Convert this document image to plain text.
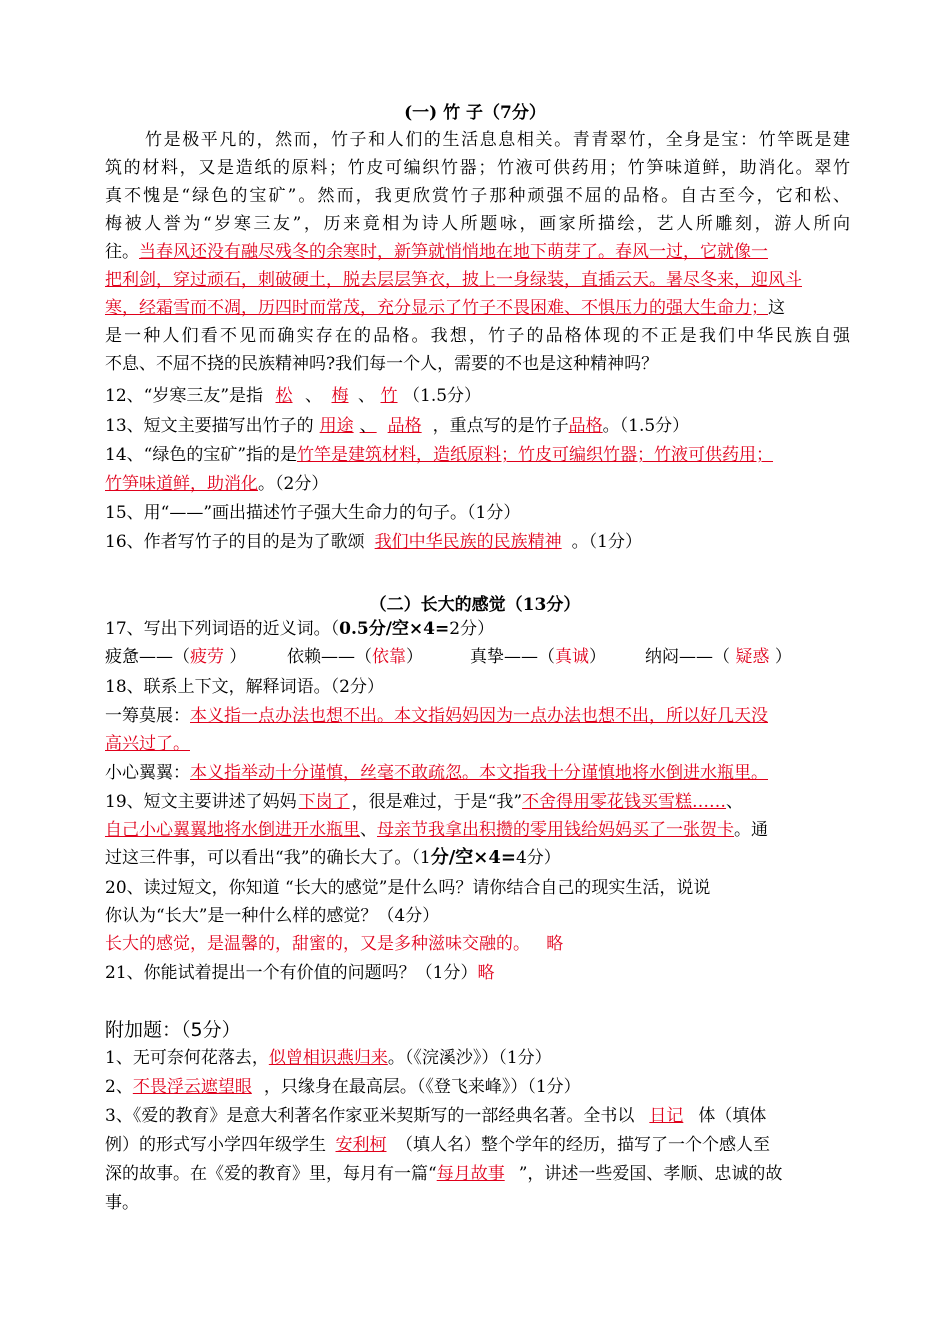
(一) 竹 子（7分）
竹是极平凡的，然而，竹子和人们的生活息息相关。青青翠竹，全身是宝：竹竿既是建
筑的材料，又是造纸的原料；竹皮可编织竹器；竹液可供药用；竹笋味道鲜，助消化。翠竹
真不愧是“绿色的宝矿”。然而，我更欣赏竹子那种顽强不屈的品格。自古至今，它和松、
梅被人誉为“岁寒三友”，历来竟相为诗人所题咏，画家所描绘，艺人所雕刻，游人所向
往。当春风还没有融尽残冬的余寒时，新笋就悄悄地在地下萌芽了。春风一过，它就像一
把利剑，穿过顽石，刺破硬土，脱去层层笋衣，披上一身绿装，直插云天。暑尽冬来，迎风斗
寒，经霜雪而不凋，历四时而常茂，充分显示了竹子不畏困难、不惧压力的强大生命力；这
是一种人们看不见而确实存在的品格。我想，竹子的品格体现的不正是我们中华民族自强
不息、不屈不挠的民族精神吗?我们每一个人，需要的不也是这种精神吗？
12、“岁寒三友”是指 松 、 梅 、 竹 （1.5分）
13、短文主要描写出竹子的 用途 、 品格 ，重点写的是竹子品格。（1.5分）
14、“绿色的宝矿”指的是竹竿是建筑材料，造纸原料；竹皮可编织竹器；竹液可供药用；
竹笋味道鲜，助消化。（2分）
15、用“——”画出描述竹子强大生命力的句子。（1分）
16、作者写竹子的目的是为了歌颂 我们中华民族的民族精神 。（1分）
（二）长大的感觉（13分）
17、写出下列词语的近义词。（0.5分/空×4=2分）
疲惫——（疲劳 ） 依赖——（依靠）	真挚——（真诚） 纳闷——（ 疑惑 ）
18、联系上下文，解释词语。（2分）
一筹莫展：本义指一点办法也想不出。本文指妈妈因为一点办法也想不出，所以好几天没
高兴过了。
小心翼翼：本义指举动十分谨慎，丝毫不敢疏忽。本文指我十分谨慎地将水倒进水瓶里。
19、短文主要讲述了妈妈 下岗了 ，很是难过，于是“我”不舍得用零花钱买雪糕……、
自己小心翼翼地将水倒进开水瓶里、母亲节我拿出积攒的零用钱给妈妈买了一张贺卡。通
过这三件事，可以看出“我”的确长大了。（1分/空×4=4分）
20、读过短文，你知道 “长大的感觉”是什么吗？请你结合自己的现实生活，说说
你认为“长大”是一种什么样的感觉？（4分）
长大的感觉，是温馨的，甜蜜的，又是多种滋味交融的。   略
21、你能试着提出一个有价值的问题吗？（1分）略
附加题：（5分）
1、无可奈何花落去，似曾相识燕归来。（《浣溪沙》）（1分）
2、不畏浮云遮望眼 ，只缘身在最高层。（《登飞来峰》）（1分）
3、《爱的教育》是意大利著名作家亚米契斯写的一部经典名著。全书以 日记 体（填体
例）的形式写小学四年级学生 安利柯 （填人名）整个学年的经历，描写了一个个感人至
深的故事。在《爱的教育》里，每月有一篇“每月故事 ”，讲述一些爱国、孝顺、忠诚的故
事。
